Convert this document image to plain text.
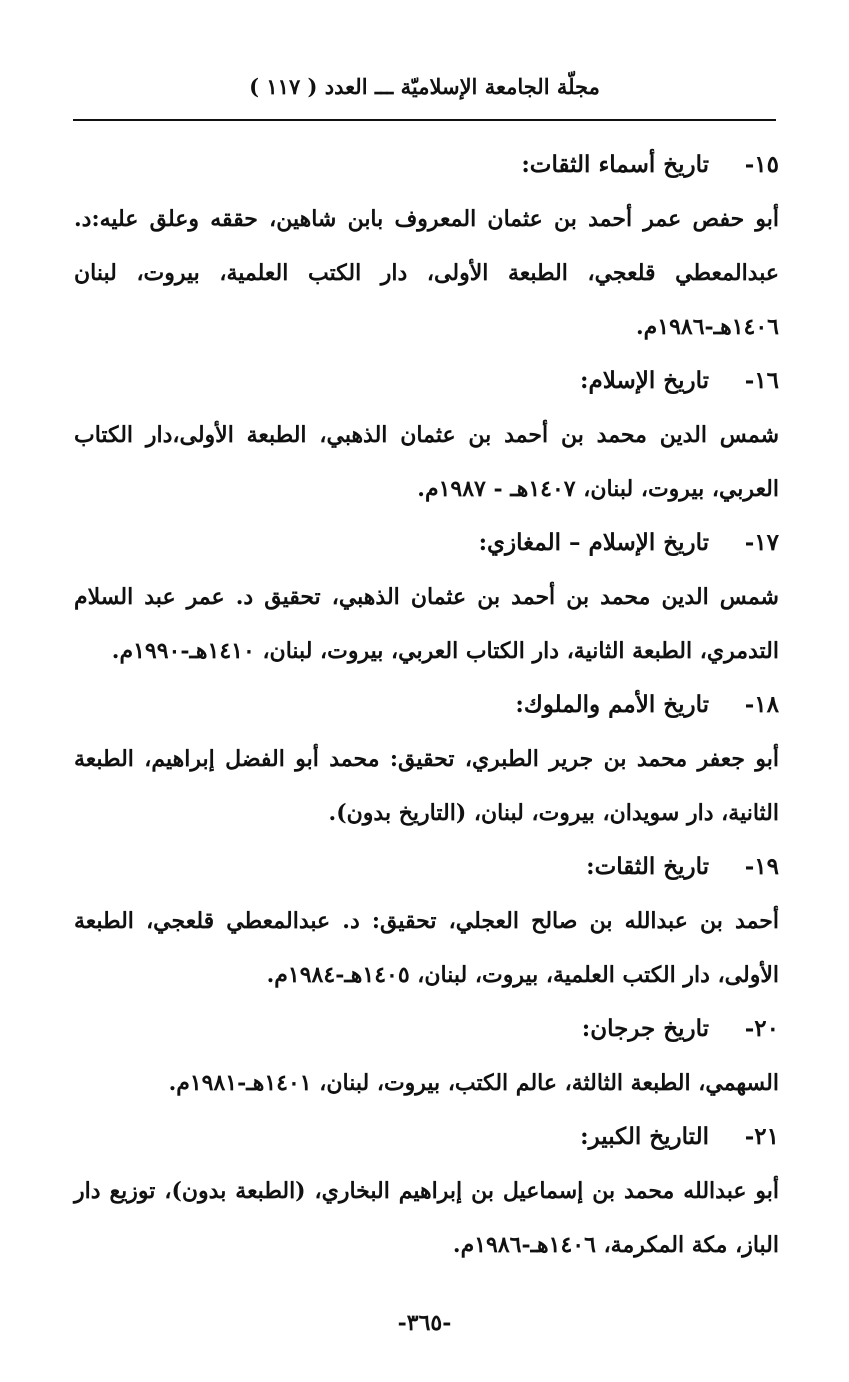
مجلّة الجامعة الإسلاميّة ـــ العدد ( ١١٧ )
١٥-
تاريخ أسماء الثقات:

أبو حفص عمر أحمد بن عثمان المعروف بابن شاهين، حققه وعلق عليه:د. عبدالمعطي قلعجي، الطبعة الأولى، دار الكتب العلمية، بيروت، لبنان ١٤٠٦هـ-١٩٨٦م.

١٦-
تاريخ الإسلام:

شمس الدين محمد بن أحمد بن عثمان الذهبي، الطبعة الأولى،دار الكتاب العربي، بيروت، لبنان، ١٤٠٧هـ - ١٩٨٧م.

١٧-
تاريخ الإسلام – المغازي:

شمس الدين محمد بن أحمد بن عثمان الذهبي، تحقيق د. عمر عبد السلام التدمري، الطبعة الثانية، دار الكتاب العربي، بيروت، لبنان، ١٤١٠هـ-١٩٩٠م.

١٨-
تاريخ الأمم والملوك:

أبو جعفر محمد بن جرير الطبري، تحقيق: محمد أبو الفضل إبراهيم، الطبعة الثانية، دار سويدان، بيروت، لبنان، (التاريخ بدون).

١٩-
تاريخ الثقات:

أحمد بن عبدالله بن صالح العجلي، تحقيق: د. عبدالمعطي قلعجي، الطبعة الأولى، دار الكتب العلمية، بيروت، لبنان، ١٤٠٥هـ-١٩٨٤م.

٢٠-
تاريخ جرجان:

السهمي، الطبعة الثالثة، عالم الكتب، بيروت، لبنان، ١٤٠١هـ-١٩٨١م.

٢١-
التاريخ الكبير:

أبو عبدالله محمد بن إسماعيل بن إبراهيم البخاري، (الطبعة بدون)، توزيع دار الباز، مكة المكرمة، ١٤٠٦هـ-١٩٨٦م.

-٣٦٥-
